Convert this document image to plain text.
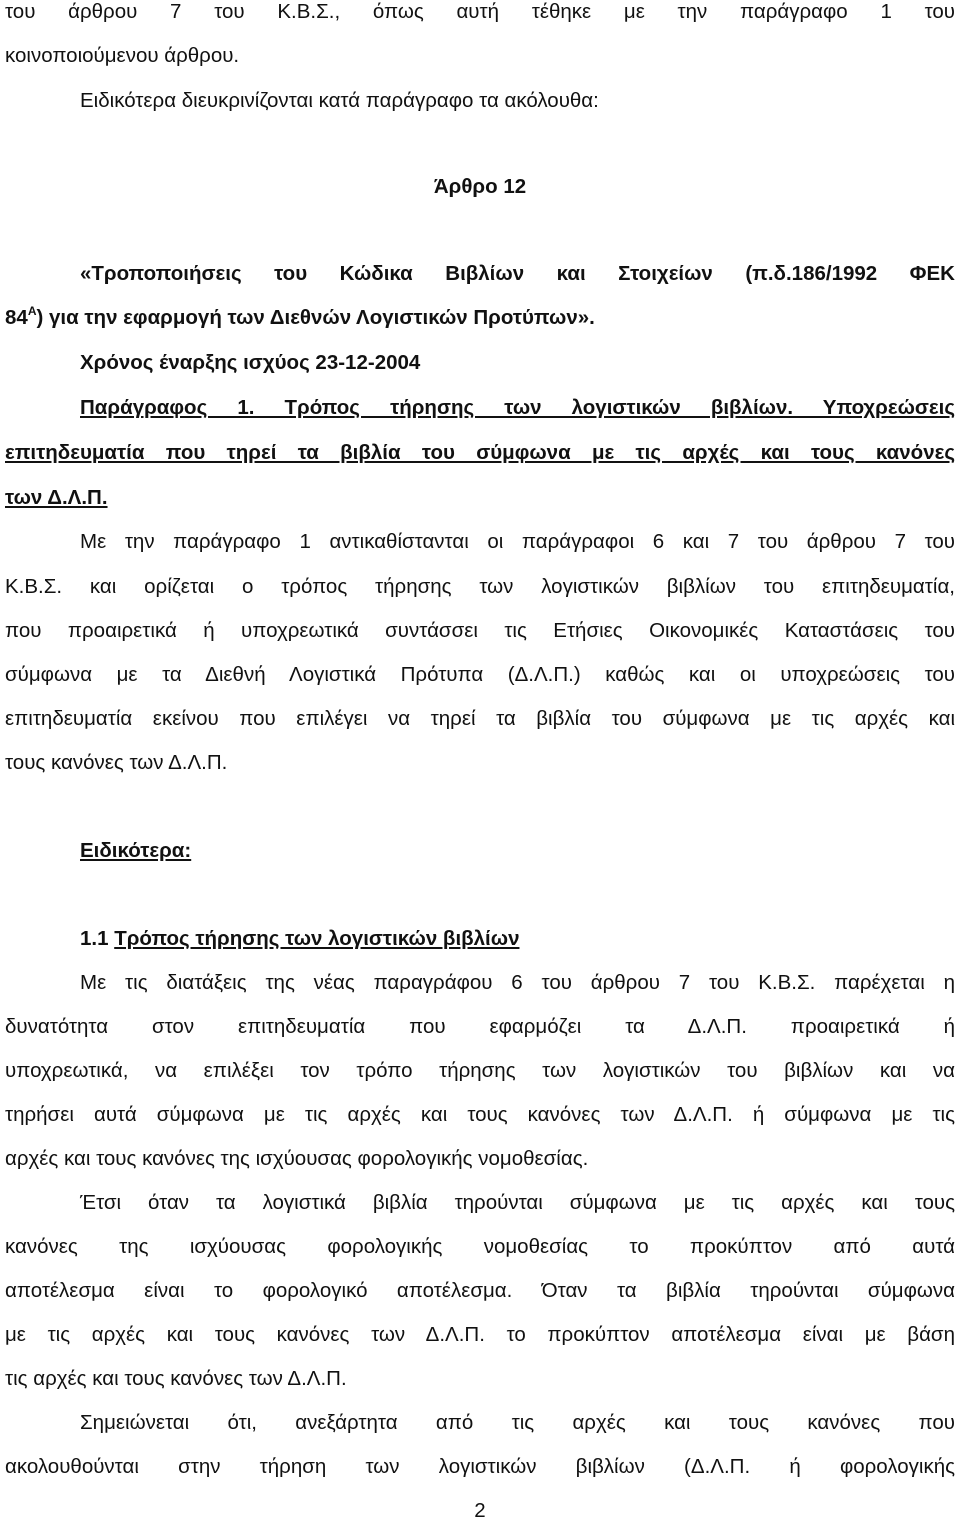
του άρθρου 7 του Κ.Β.Σ., όπως αυτή τέθηκε με την παράγραφο 1 του
κοινοποιούμενου άρθρου.
Ειδικότερα διευκρινίζονται κατά παράγραφο τα ακόλουθα:
Άρθρο 12
«Τροποποιήσεις του Κώδικα Βιβλίων και Στοιχείων (π.δ.186/1992 ΦΕΚ
$84^A$) για την εφαρμογή των Διεθνών Λογιστικών Προτύπων».
Χρόνος έναρξης ισχύος 23-12-2004
Παράγραφος 1. Τρόπος τήρησης των λογιστικών βιβλίων. Υποχρεώσεις
επιτηδευματία που τηρεί τα βιβλία του σύμφωνα με τις αρχές και τους κανόνες
των Δ.Λ.Π.
Με την παράγραφο 1 αντικαθίστανται οι παράγραφοι 6 και 7 του άρθρου 7 του
Κ.Β.Σ. και ορίζεται ο τρόπος τήρησης των λογιστικών βιβλίων του επιτηδευματία,
που προαιρετικά ή υποχρεωτικά συντάσσει τις Ετήσιες Οικονομικές Καταστάσεις του
σύμφωνα με τα Διεθνή Λογιστικά Πρότυπα (Δ.Λ.Π.) καθώς και οι υποχρεώσεις του
επιτηδευματία εκείνου που επιλέγει να τηρεί τα βιβλία του σύμφωνα με τις αρχές και
τους κανόνες των Δ.Λ.Π.
Ειδικότερα:
1.1 Τρόπος τήρησης των λογιστικών βιβλίων
Με τις διατάξεις της νέας παραγράφου 6 του άρθρου 7 του Κ.Β.Σ. παρέχεται η
δυνατότητα στον επιτηδευματία που εφαρμόζει τα Δ.Λ.Π. προαιρετικά ή
υποχρεωτικά, να επιλέξει τον τρόπο τήρησης των λογιστικών του βιβλίων και να
τηρήσει αυτά σύμφωνα με τις αρχές και τους κανόνες των Δ.Λ.Π. ή σύμφωνα με τις
αρχές και τους κανόνες της ισχύουσας φορολογικής νομοθεσίας.
Έτσι όταν τα λογιστικά βιβλία τηρούνται σύμφωνα με τις αρχές και τους
κανόνες της ισχύουσας φορολογικής νομοθεσίας το προκύπτον από αυτά
αποτέλεσμα είναι το φορολογικό αποτέλεσμα. Όταν τα βιβλία τηρούνται σύμφωνα
με τις αρχές και τους κανόνες των Δ.Λ.Π. το προκύπτον αποτέλεσμα είναι με βάση
τις αρχές και τους κανόνες των Δ.Λ.Π.
Σημειώνεται ότι, ανεξάρτητα από τις αρχές και τους κανόνες που
ακολουθούνται στην τήρηση των λογιστικών βιβλίων (Δ.Λ.Π. ή φορολογικής
2
